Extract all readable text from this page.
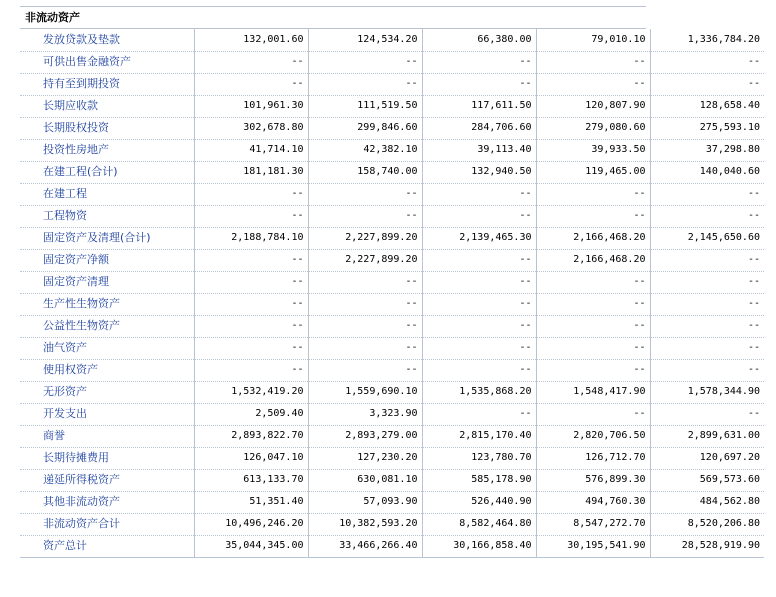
非流动资产
发放贷款及垫款	132,001.60	124,534.20	66,380.00	79,010.10	1,336,784.20
可供出售金融资产	--	--	--	--	--
持有至到期投资	--	--	--	--	--
长期应收款	101,961.30	111,519.50	117,611.50	120,807.90	128,658.40
长期股权投资	302,678.80	299,846.60	284,706.60	279,080.60	275,593.10
投资性房地产	41,714.10	42,382.10	39,113.40	39,933.50	37,298.80
在建工程(合计)	181,181.30	158,740.00	132,940.50	119,465.00	140,040.60
在建工程	--	--	--	--	--
工程物资	--	--	--	--	--
固定资产及清理(合计)	2,188,784.10	2,227,899.20	2,139,465.30	2,166,468.20	2,145,650.60
固定资产净额	--	2,227,899.20	--	2,166,468.20	--
固定资产清理	--	--	--	--	--
生产性生物资产	--	--	--	--	--
公益性生物资产	--	--	--	--	--
油气资产	--	--	--	--	--
使用权资产	--	--	--	--	--
无形资产	1,532,419.20	1,559,690.10	1,535,868.20	1,548,417.90	1,578,344.90
开发支出	2,509.40	3,323.90	--	--	--
商誉	2,893,822.70	2,893,279.00	2,815,170.40	2,820,706.50	2,899,631.00
长期待摊费用	126,047.10	127,230.20	123,780.70	126,712.70	120,697.20
递延所得税资产	613,133.70	630,081.10	585,178.90	576,899.30	569,573.60
其他非流动资产	51,351.40	57,093.90	526,440.90	494,760.30	484,562.80
非流动资产合计	10,496,246.20	10,382,593.20	8,582,464.80	8,547,272.70	8,520,206.80
资产总计	35,044,345.00	33,466,266.40	30,166,858.40	30,195,541.90	28,528,919.90
